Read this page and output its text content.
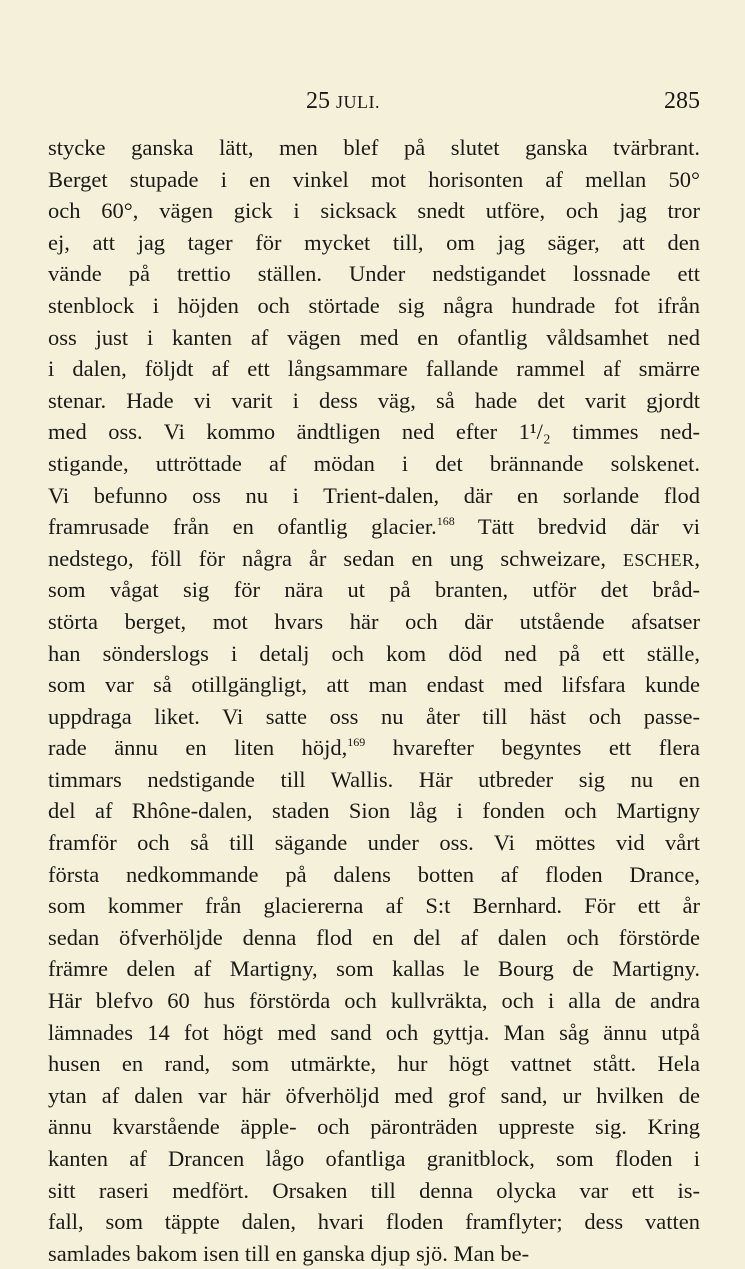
25 JULI.	285
stycke ganska lätt, men blef på slutet ganska tvärbrant.
Berget stupade i en vinkel mot horisonten af mellan 50°
och 60°, vägen gick i sicksack snedt utföre, och jag tror
ej, att jag tager för mycket till, om jag säger, att den
vände på trettio ställen. Under nedstigandet lossnade ett
stenblock i höjden och störtade sig några hundrade fot ifrån
oss just i kanten af vägen med en ofantlig våldsamhet ned
i dalen, följdt af ett långsammare fallande rammel af smärre
stenar. Hade vi varit i dess väg, så hade det varit gjordt
med oss. Vi kommo ändtligen ned efter 1¹/₂ timmes ned-
stigande, uttröttade af mödan i det brännande solskenet.
Vi befunno oss nu i Trient-dalen, där en sorlande flod
framrusade från en ofantlig glacier.$^{168}$ Tätt bredvid där vi
nedstego, föll för några år sedan en ung schweizare, ESCHER,
som vågat sig för nära ut på branten, utför det bråd-
störta berget, mot hvars här och där utstående afsatser
han sönderslogs i detalj och kom död ned på ett ställe,
som var så otillgängligt, att man endast med lifsfara kunde
uppdraga liket. Vi satte oss nu åter till häst och passe-
rade ännu en liten höjd,$^{169}$ hvarefter begyntes ett flera
timmars nedstigande till Wallis. Här utbreder sig nu en
del af Rhône-dalen, staden Sion låg i fonden och Martigny
framför och så till sägande under oss. Vi möttes vid vårt
första nedkommande på dalens botten af floden Drance,
som kommer från glaciererna af S:t Bernhard. För ett år
sedan öfverhöljde denna flod en del af dalen och förstörde
främre delen af Martigny, som kallas le Bourg de Martigny.
Här blefvo 60 hus förstörda och kullvräkta, och i alla de andra
lämnades 14 fot högt med sand och gyttja. Man såg ännu utpå
husen en rand, som utmärkte, hur högt vattnet stått. Hela
ytan af dalen var här öfverhöljd med grof sand, ur hvilken de
ännu kvarstående äpple- och päronträden uppreste sig. Kring
kanten af Drancen lågo ofantliga granitblock, som floden i
sitt raseri medfört. Orsaken till denna olycka var ett is-
fall, som täppte dalen, hvari floden framflyter; dess vatten
samlades bakom isen till en ganska djup sjö. Man be-
